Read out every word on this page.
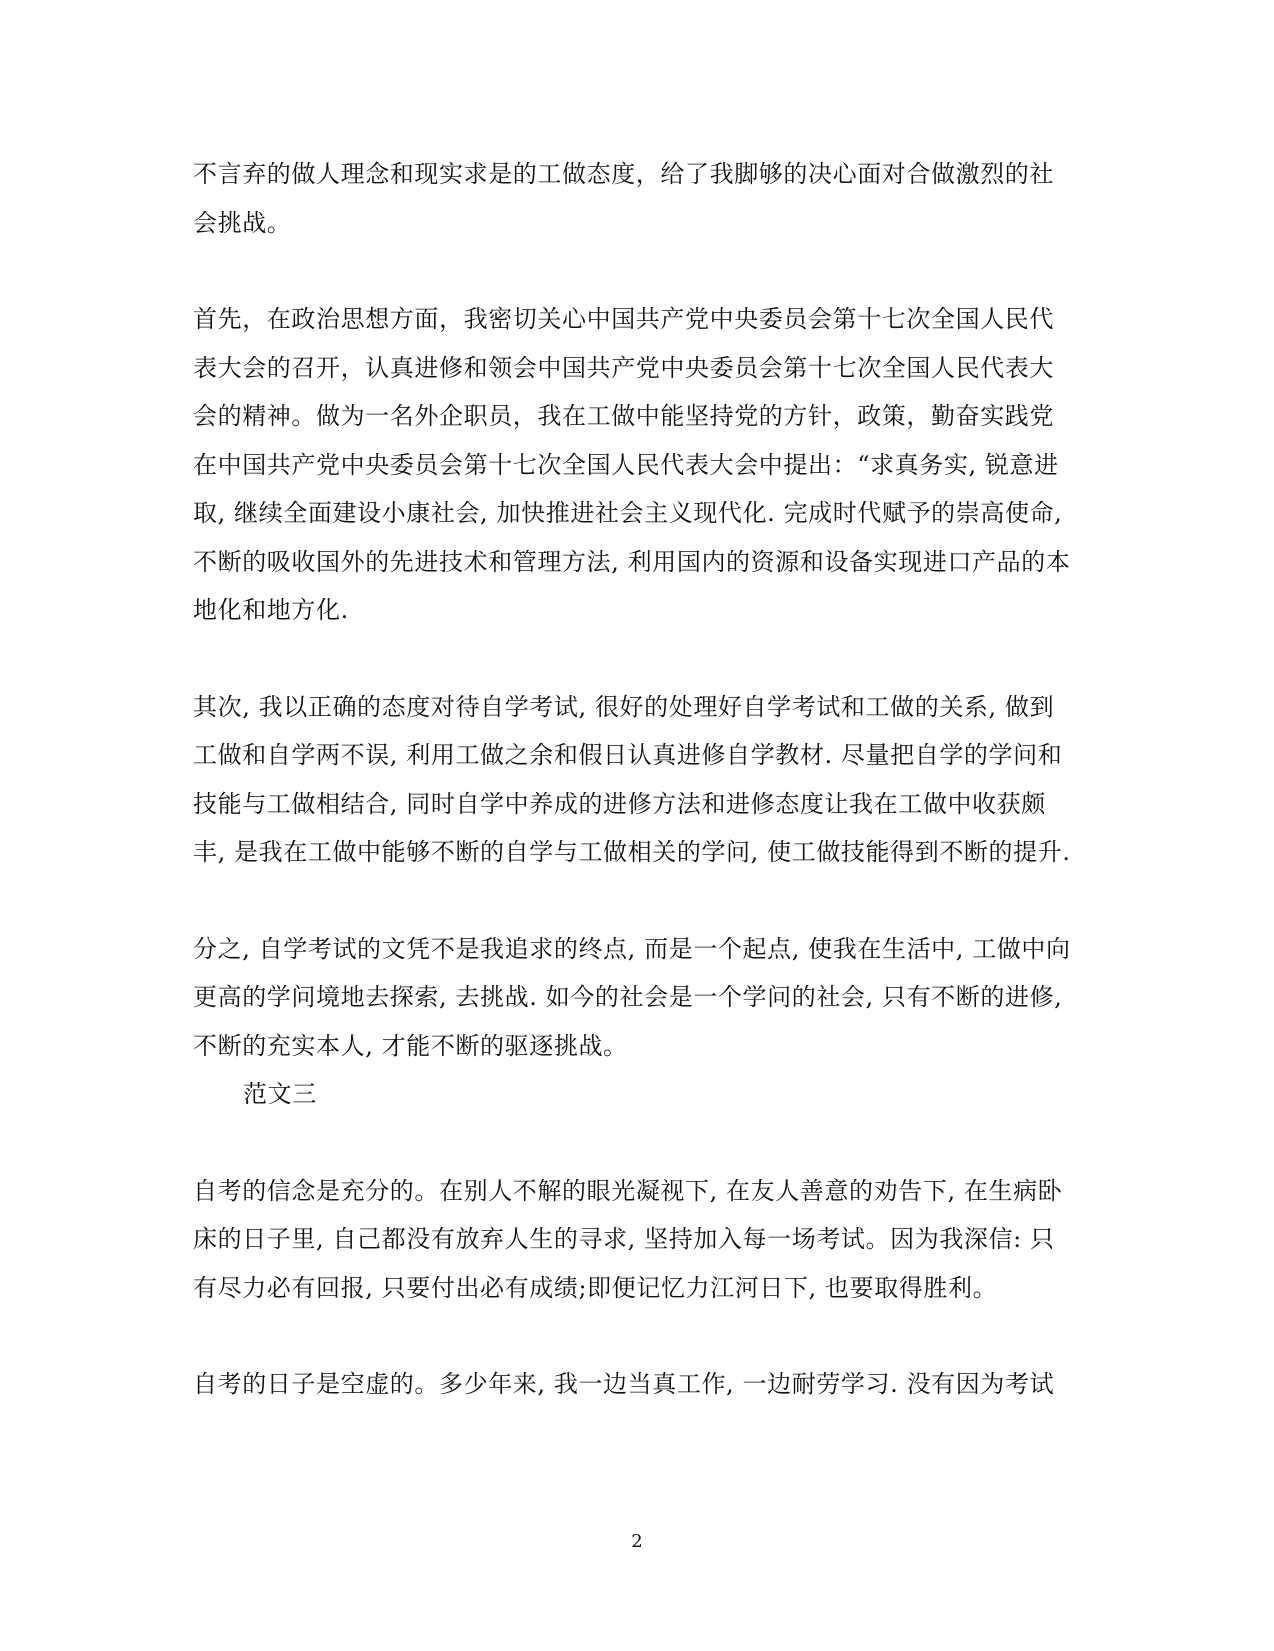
不言弃的做人理念和现实求是的工做态度，给了我脚够的决心面对合做激烈的社会挑战。

首先，在政治思想方面，我密切关心中国共产党中央委员会第十七次全国人民代表大会的召开，认真进修和领会中国共产党中央委员会第十七次全国人民代表大会的精神。做为一名外企职员，我在工做中能坚持党的方针，政策，勤奋实践党在中国共产党中央委员会第十七次全国人民代表大会中提出：“求真务实, 锐意进取, 继续全面建设小康社会, 加快推进社会主义现代化. 完成时代赋予的崇高使命, 不断的吸收国外的先进技术和管理方法, 利用国内的资源和设备实现进口产品的本地化和地方化.

其次, 我以正确的态度对待自学考试, 很好的处理好自学考试和工做的关系, 做到工做和自学两不误, 利用工做之余和假日认真进修自学教材. 尽量把自学的学问和技能与工做相结合, 同时自学中养成的进修方法和进修态度让我在工做中收获颇丰, 是我在工做中能够不断的自学与工做相关的学问, 使工做技能得到不断的提升.

分之, 自学考试的文凭不是我追求的终点, 而是一个起点, 使我在生活中, 工做中向更高的学问境地去探索, 去挑战. 如今的社会是一个学问的社会, 只有不断的进修, 不断的充实本人, 才能不断的驱逐挑战。

范文三

自考的信念是充分的。在别人不解的眼光凝视下, 在友人善意的劝告下, 在生病卧床的日子里, 自己都没有放弃人生的寻求, 坚持加入每一场考试。因为我深信: 只有尽力必有回报, 只要付出必有成绩;即便记忆力江河日下, 也要取得胜利。

自考的日子是空虚的。多少年来, 我一边当真工作, 一边耐劳学习. 没有因为考试

2
